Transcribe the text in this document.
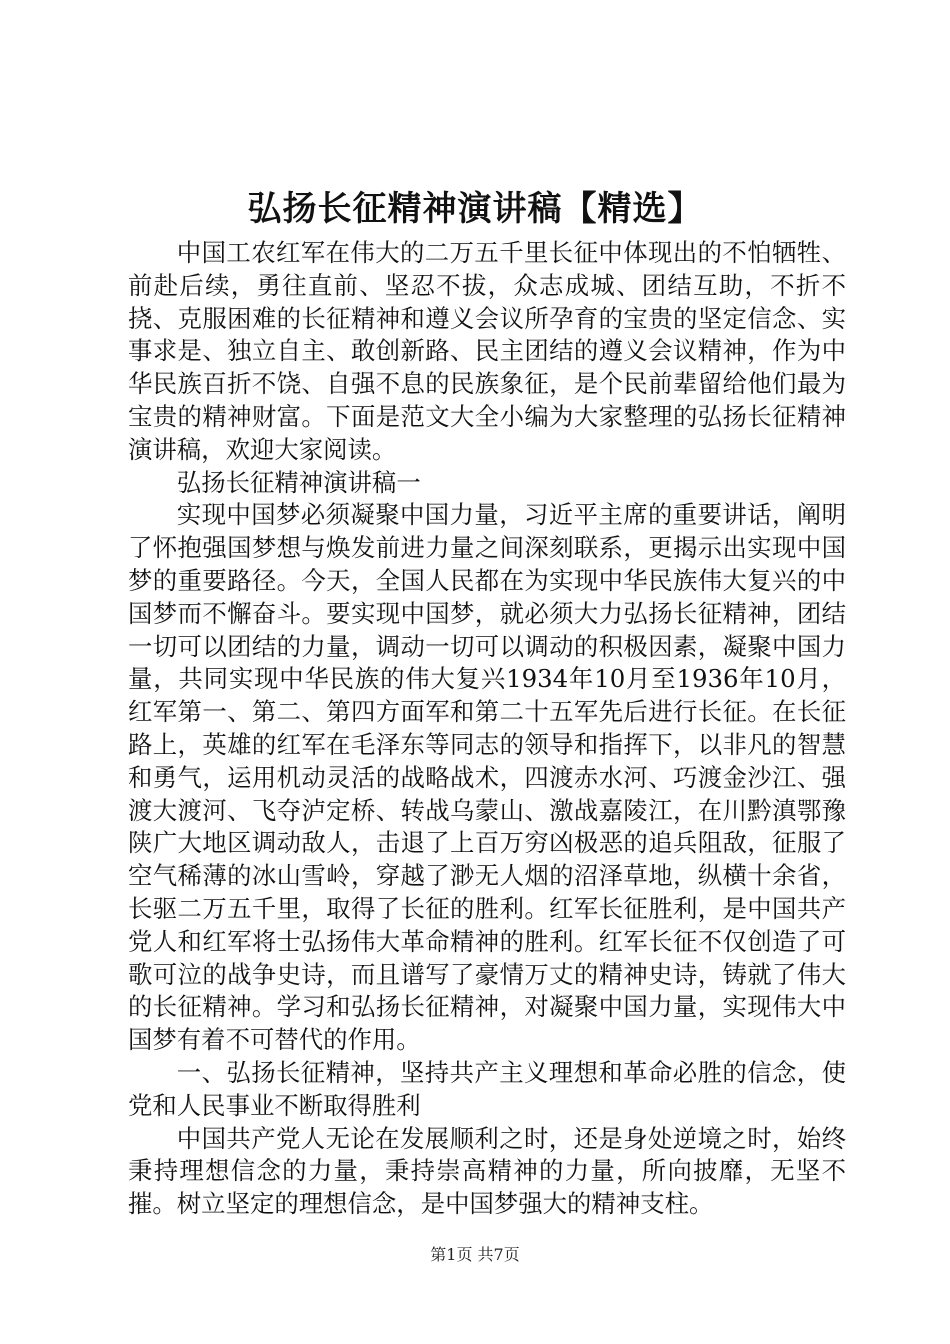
弘扬长征精神演讲稿【精选】

中国工农红军在伟大的二万五千里长征中体现出的不怕牺牲、前赴后续，勇往直前、坚忍不拔，众志成城、团结互助，不折不挠、克服困难的长征精神和遵义会议所孕育的宝贵的坚定信念、实事求是、独立自主、敢创新路、民主团结的遵义会议精神，作为中华民族百折不饶、自强不息的民族象征，是个民前辈留给他们最为宝贵的精神财富。下面是范文大全小编为大家整理的弘扬长征精神演讲稿，欢迎大家阅读。

弘扬长征精神演讲稿一

实现中国梦必须凝聚中国力量，习近平主席的重要讲话，阐明了怀抱强国梦想与焕发前进力量之间深刻联系，更揭示出实现中国梦的重要路径。今天，全国人民都在为实现中华民族伟大复兴的中国梦而不懈奋斗。要实现中国梦，就必须大力弘扬长征精神，团结一切可以团结的力量，调动一切可以调动的积极因素，凝聚中国力量，共同实现中华民族的伟大复兴1934年10月至1936年10月，红军第一、第二、第四方面军和第二十五军先后进行长征。在长征路上，英雄的红军在毛泽东等同志的领导和指挥下，以非凡的智慧和勇气，运用机动灵活的战略战术，四渡赤水河、巧渡金沙江、强渡大渡河、飞夺泸定桥、转战乌蒙山、激战嘉陵江，在川黔滇鄂豫陕广大地区调动敌人，击退了上百万穷凶极恶的追兵阻敌，征服了空气稀薄的冰山雪岭，穿越了渺无人烟的沼泽草地，纵横十余省，长驱二万五千里，取得了长征的胜利。红军长征胜利，是中国共产党人和红军将士弘扬伟大革命精神的胜利。红军长征不仅创造了可歌可泣的战争史诗，而且谱写了豪情万丈的精神史诗，铸就了伟大的长征精神。学习和弘扬长征精神，对凝聚中国力量，实现伟大中国梦有着不可替代的作用。

一、弘扬长征精神，坚持共产主义理想和革命必胜的信念，使党和人民事业不断取得胜利

中国共产党人无论在发展顺利之时，还是身处逆境之时，始终秉持理想信念的力量，秉持崇高精神的力量，所向披靡，无坚不摧。树立坚定的理想信念，是中国梦强大的精神支柱。

第1页 共7页
